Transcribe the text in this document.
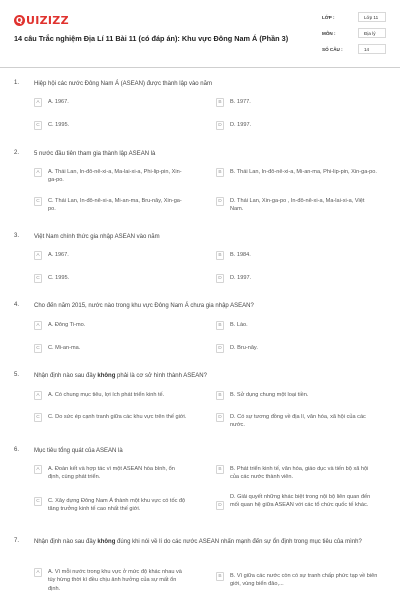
Q UIZIZZ
14 câu Trắc nghiệm Địa Lí 11 Bài 11 (có đáp án): Khu vực Đông Nam Á (Phần 3)
LỚP :	Lớp 11
MÔN :	Địa lý
SỐ CÂU :	14
1. Hiệp hội các nước Đông Nam Á (ASEAN) được thành lập vào năm
A	A. 1967.	B	B. 1977.
C	C. 1995.	D	D. 1997.
2. 5 nước đầu tiên tham gia thành lập ASEAN là
A	A. Thái Lan, In-đô-nê-xi-a, Ma-lai-xi-a, Phi-lip-pin, Xin-ga-po.
B	B. Thái Lan, In-đô-nê-xi-a, Mi-an-ma, Phi-lip-pin, Xin-ga-po.
C	C. Thái Lan, In-đô-nê-xi-a, Mi-an-ma, Bru-nây, Xin-ga-po.
D	D. Thái Lan, Xin-ga-po , In-đô-nê-xi-a, Ma-lai-xi-a, Việt Nam.
3. Việt Nam chính thức gia nhập ASEAN vào năm
A	A. 1967.	B	B. 1984.
C	C. 1995.	D	D. 1997.
4. Cho đến năm 2015, nước nào trong khu vực Đông Nam Á chưa gia nhập ASEAN?
A	A. Đông Ti-mo.	B	B. Lào.
C	C. Mi-an-ma.	D	D. Bru-nây.
5. Nhận định nào sau đây không phải là cơ sở hình thành ASEAN?
A	A. Có chung mục tiêu, lợi ích phát triển kinh tế.	B	B. Sử dụng chung một loại tiền.
C	C. Do sức ép cạnh tranh giữa các khu vực trên thế giới.	D	D. Có sự tương đồng về địa lí, văn hóa, xã hội của các nước.
6. Mục tiêu tổng quát của ASEAN là
A	A. Đoàn kết và hợp tác vì một ASEAN hòa bình, ổn định, cùng phát triển.
B	B. Phát triển kinh tế, văn hóa, giáo dục và tiến bộ xã hội của các nước thành viên.
C	C. Xây dựng Đông Nam Á thành một khu vực có tốc độ tăng trưởng kinh tế cao nhất thế giới.
D
D. Giải quyết những khác biệt trong nội bộ liên quan đến mối quan hệ giữa ASEAN với các tổ chức quốc tế khác.
7. Nhận định nào sau đây không đúng khi nói về lí do các nước ASEAN nhấn mạnh đến sự ổn định trong mục tiêu của mình?
A	A. Vì mỗi nước trong khu vực ở mức độ khác nhau và tùy hừng thời kì đều chịu ảnh hưởng của sự mất ổn định.
B	B. Vì giữa các nước còn có sự tranh chấp phức tạp về biên giới, vùng biển đảo,...
